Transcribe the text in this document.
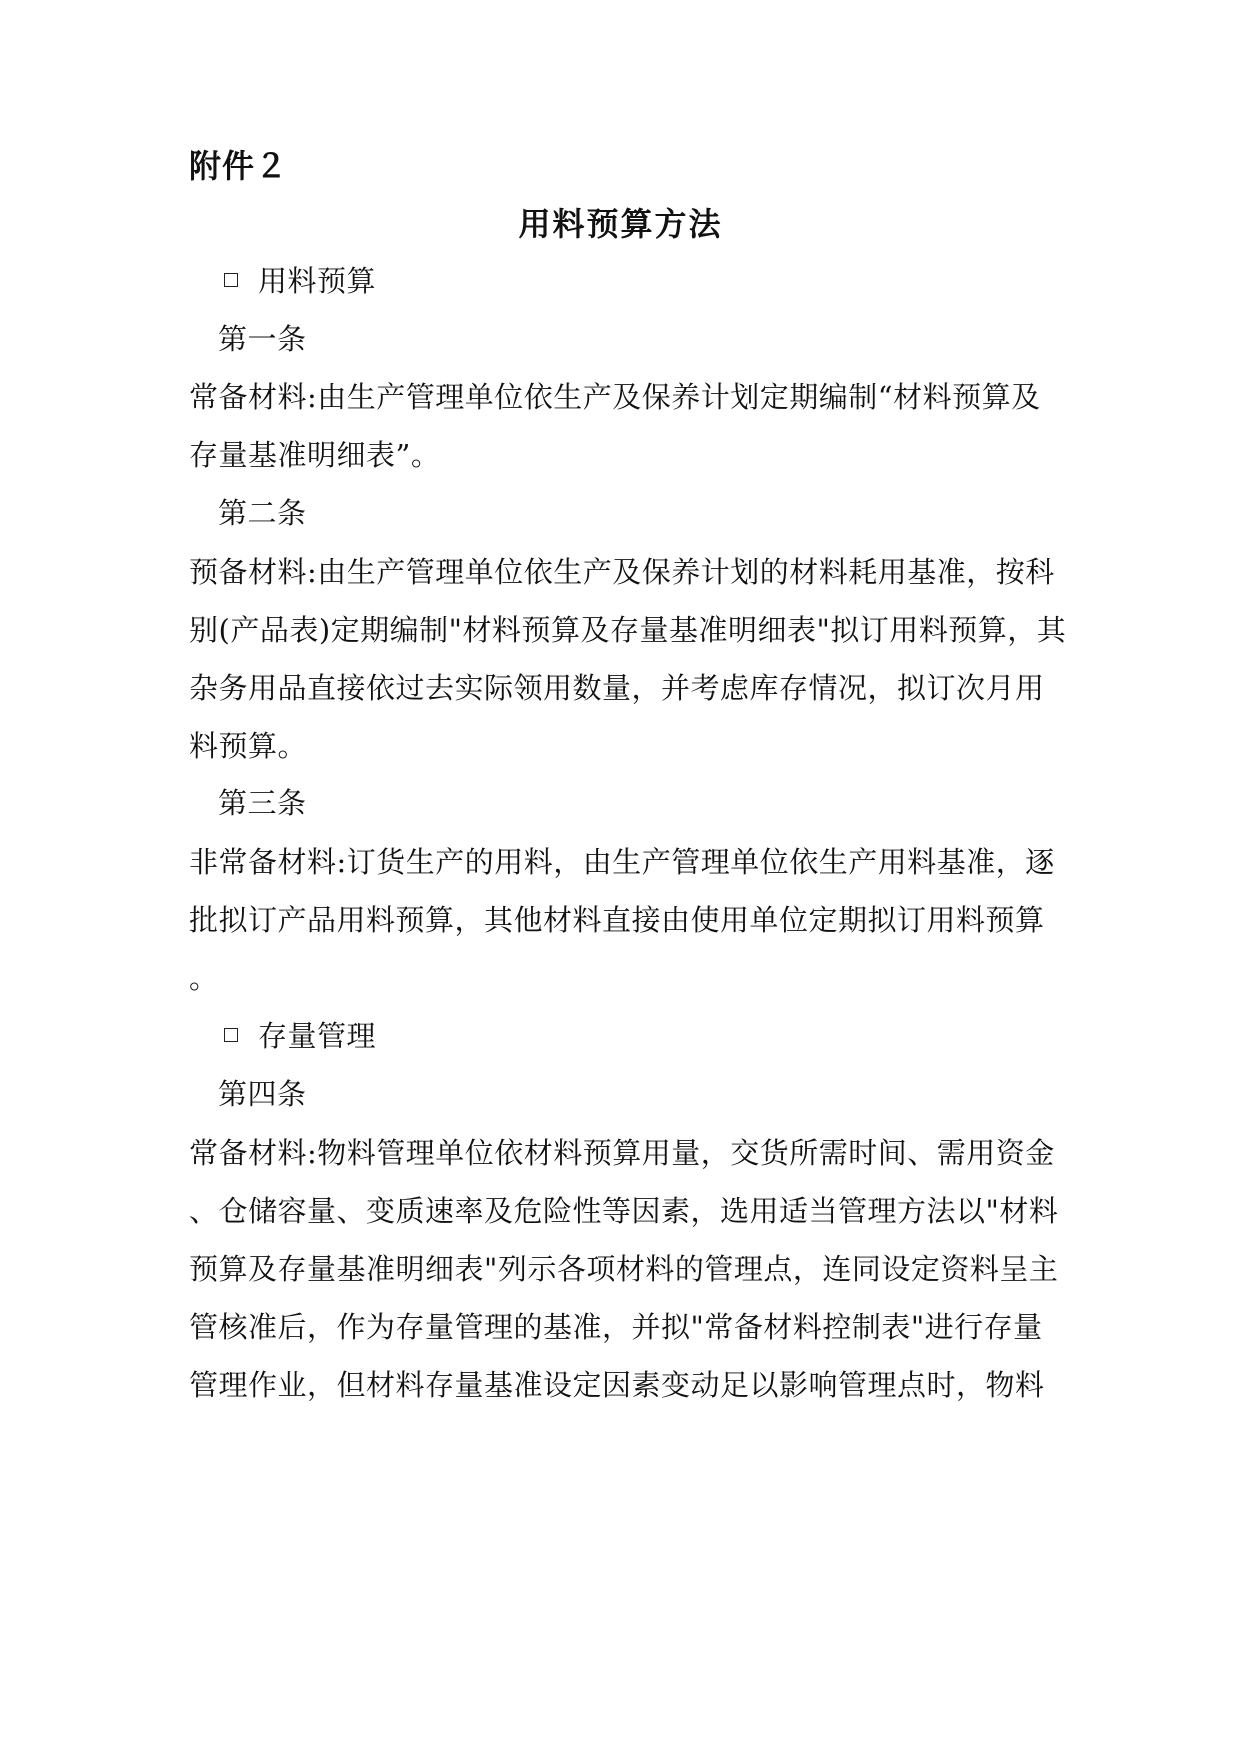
附件２
用料预算方法
用料预算
第一条
常备材料:由生产管理单位依生产及保养计划定期编制“材料预算及
存量基准明细表”。
第二条
预备材料:由生产管理单位依生产及保养计划的材料耗用基准，按科
别(产品表)定期编制"材料预算及存量基准明细表"拟订用料预算，其
杂务用品直接依过去实际领用数量，并考虑库存情况，拟订次月用
料预算。
第三条
非常备材料:订货生产的用料，由生产管理单位依生产用料基准，逐
批拟订产品用料预算，其他材料直接由使用单位定期拟订用料预算
。
存量管理
第四条
常备材料:物料管理单位依材料预算用量，交货所需时间、需用资金
、仓储容量、变质速率及危险性等因素，选用适当管理方法以"材料
预算及存量基准明细表"列示各项材料的管理点，连同设定资料呈主
管核准后，作为存量管理的基准，并拟"常备材料控制表"进行存量
管理作业，但材料存量基准设定因素变动足以影响管理点时，物料
